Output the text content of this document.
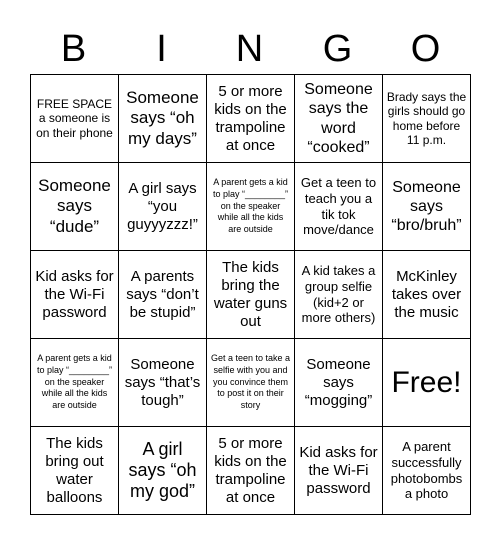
B	I	N	G	O
FREE SPACE a someone is on their phone
Someone says “oh my days”
5 or more kids on the trampoline at once
Someone says the word “cooked”
Brady says the girls should go home before 11 p.m.
Someone says “dude”
A girl says “you guyyyzzz!”
A parent gets a kid to play “________” on the speaker while all the kids are outside
Get a teen to teach you a tik tok move/dance
Someone says “bro/bruh”
Kid asks for the Wi-Fi password
A parents says “don’t be stupid”
The kids bring the water guns out
A kid takes a group selfie (kid+2 or more others)
McKinley takes over the music
A parent gets a kid to play “________” on the speaker while all the kids are outside
Someone says “that’s tough”
Get a teen to take a selfie with you and you convince them to post it on their story
Someone says “mogging”
Free!
The kids bring out water balloons
A girl says “oh my god”
5 or more kids on the trampoline at once
Kid asks for the Wi-Fi password
A parent successfully photobombs a photo
